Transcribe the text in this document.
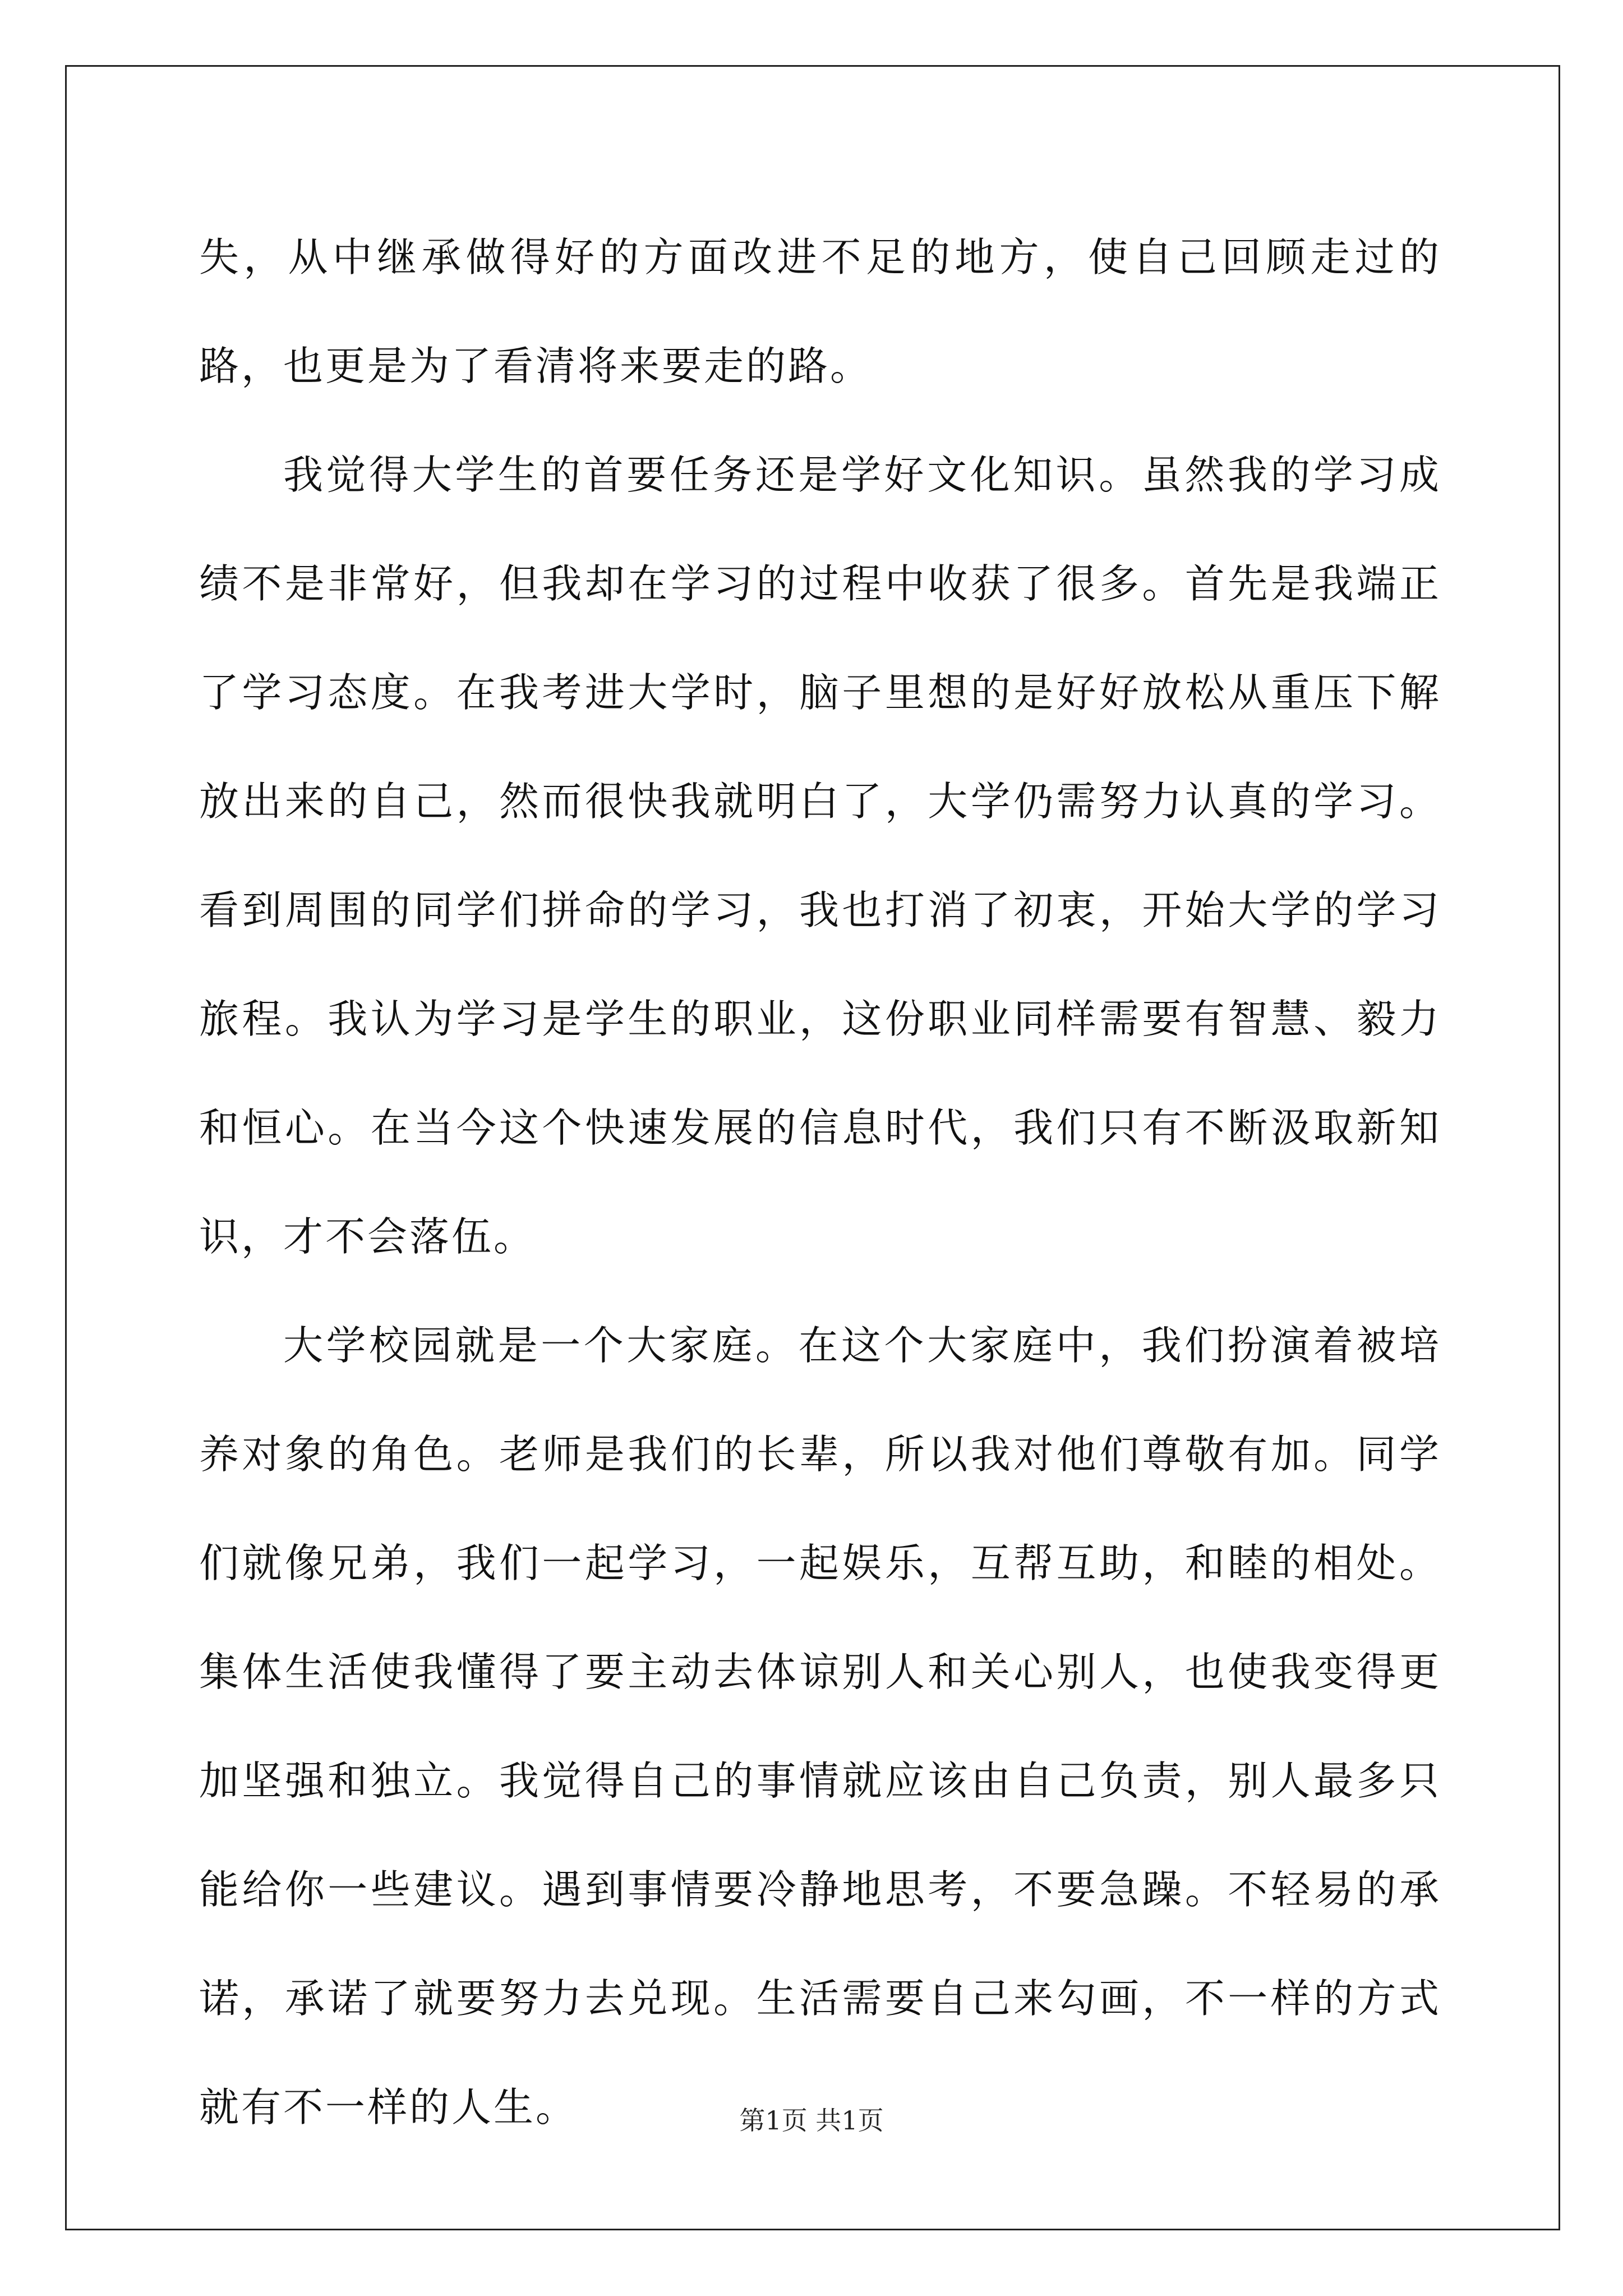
失，从中继承做得好的方面改进不足的地方，使自己回顾走过的路，也更是为了看清将来要走的路。

我觉得大学生的首要任务还是学好文化知识。虽然我的学习成绩不是非常好，但我却在学习的过程中收获了很多。首先是我端正了学习态度。在我考进大学时，脑子里想的是好好放松从重压下解放出来的自己，然而很快我就明白了，大学仍需努力认真的学习。看到周围的同学们拼命的学习，我也打消了初衷，开始大学的学习旅程。我认为学习是学生的职业，这份职业同样需要有智慧、毅力和恒心。在当今这个快速发展的信息时代，我们只有不断汲取新知识，才不会落伍。

大学校园就是一个大家庭。在这个大家庭中，我们扮演着被培养对象的角色。老师是我们的长辈，所以我对他们尊敬有加。同学们就像兄弟，我们一起学习，一起娱乐，互帮互助，和睦的相处。集体生活使我懂得了要主动去体谅别人和关心别人，也使我变得更加坚强和独立。我觉得自己的事情就应该由自己负责，别人最多只能给你一些建议。遇到事情要冷静地思考，不要急躁。不轻易的承诺，承诺了就要努力去兑现。生活需要自己来勾画，不一样的方式就有不一样的人生。	第1页 共1页
